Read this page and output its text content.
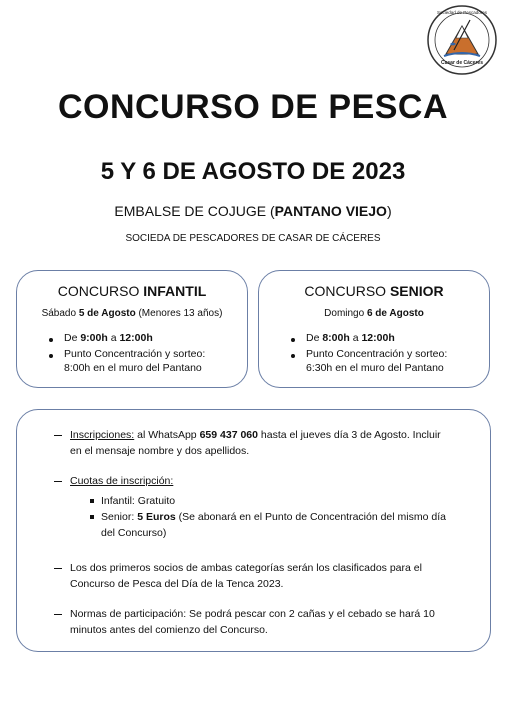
Sociedad de Pescadores
Casar de Cáceres
CONCURSO DE PESCA
5 Y 6 DE AGOSTO DE 2023
EMBALSE DE COJUGE (PANTANO VIEJO)
SOCIEDA DE PESCADORES DE CASAR DE CÁCERES
CONCURSO INFANTIL
Sábado 5 de Agosto (Menores 13 años)
De 9:00h a 12:00h
Punto Concentración y sorteo:
8:00h en el muro del Pantano
CONCURSO SENIOR
Domingo 6 de Agosto
De 8:00h a 12:00h
Punto Concentración y sorteo:
6:30h en el muro del Pantano
Inscripciones: al WhatsApp 659 437 060 hasta el jueves día 3 de Agosto. Incluir
en el mensaje nombre y dos apellidos.
Cuotas de inscripción:
Infantil: Gratuito
Senior: 5 Euros (Se abonará en el Punto de Concentración del mismo día
del Concurso)
Los dos primeros socios de ambas categorías serán los clasificados para el
Concurso de Pesca del Día de la Tenca 2023.
Normas de participación: Se podrá pescar con 2 cañas y el cebado se hará 10
minutos antes del comienzo del Concurso.
